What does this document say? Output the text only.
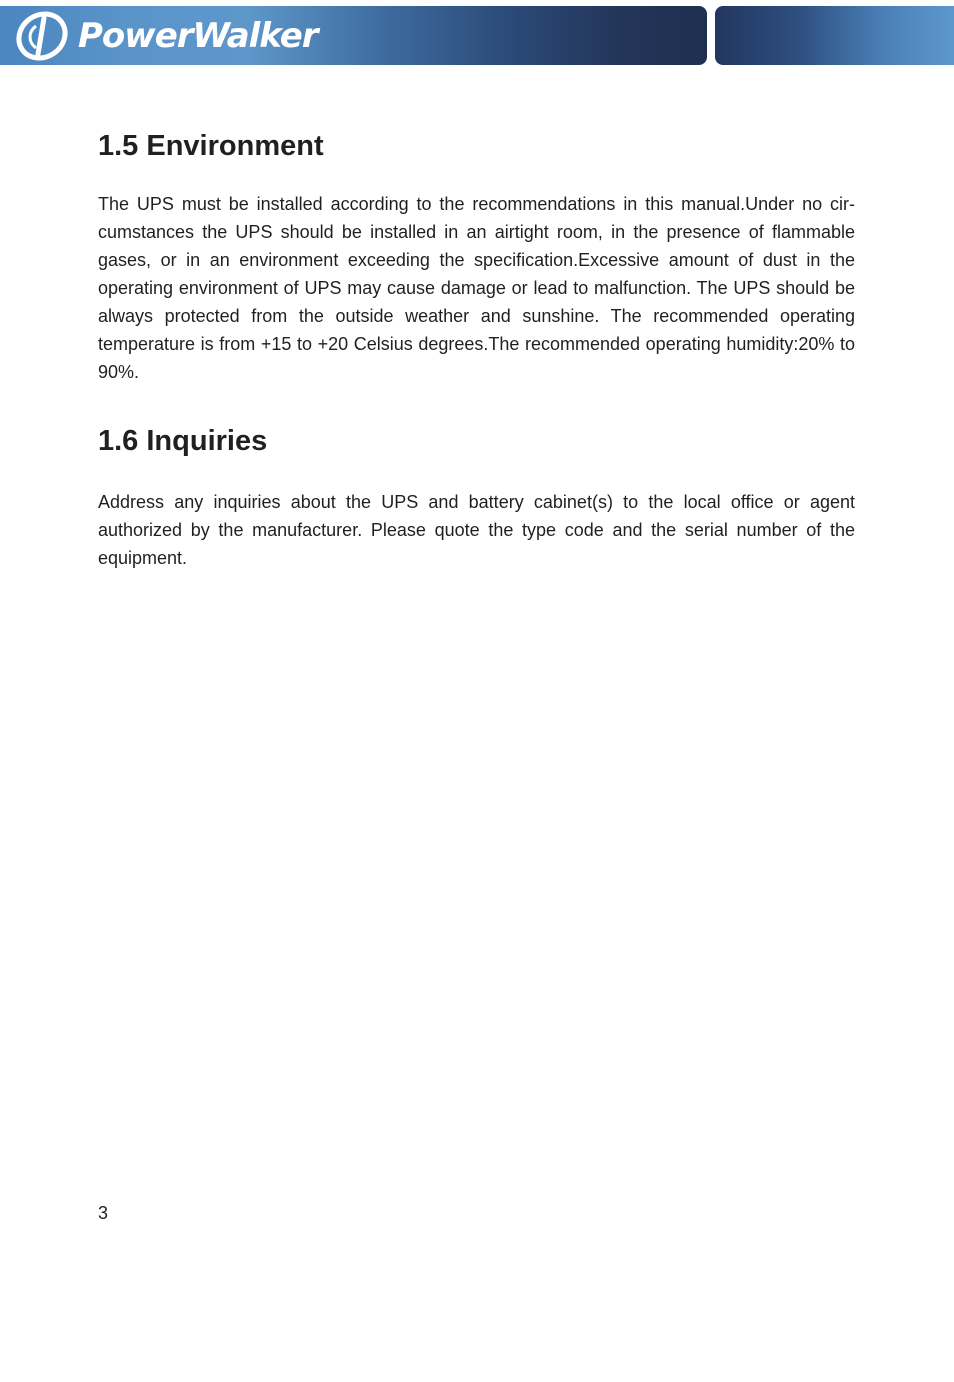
PowerWalker
1.5 Environment

The UPS must be installed according to the recommendations in this manual.Under no cir-cumstances the UPS should be installed in an airtight room, in the presence of flammable gases, or in an environment exceeding the specification.Excessive amount of dust in the operating environment of UPS may cause damage or lead to malfunction. The UPS should be always protected from the outside weather and sunshine. The recommended operating temperature is from +15 to +20 Celsius degrees.The recommended operating humidity:20% to 90%.

1.6 Inquiries

Address any inquiries about the UPS and battery cabinet(s) to the local office or agent authorized by the manufacturer. Please quote the type code and the serial number of the equipment.

3
